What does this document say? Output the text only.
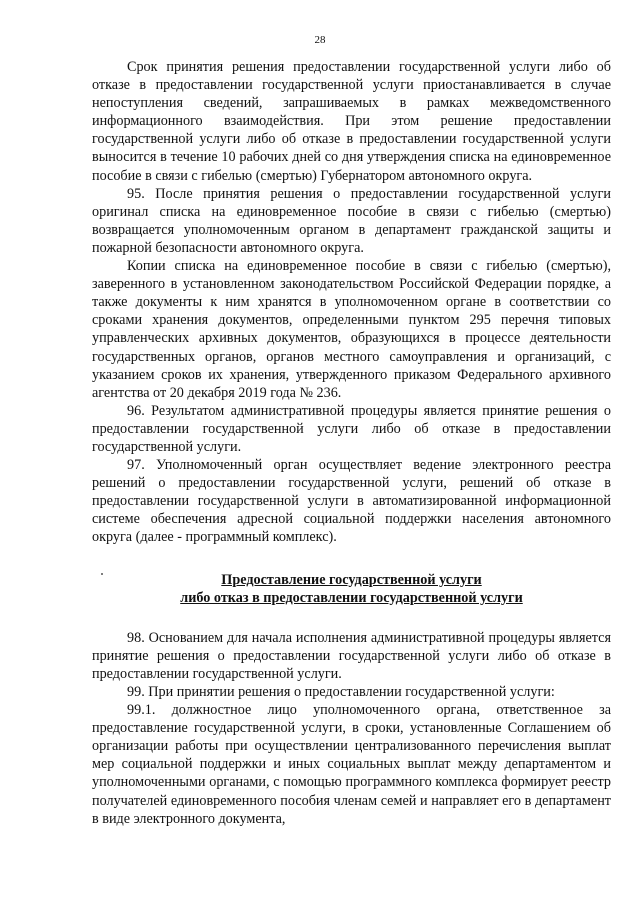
28

Срок принятия решения предоставлении государственной услуги либо об отказе в предоставлении государственной услуги приостанавливается в случае непоступления сведений, запрашиваемых в рамках межведомственного информационного взаимодействия. При этом решение предоставлении государственной услуги либо об отказе в предоставлении государственной услуги выносится в течение 10 рабочих дней со дня утверждения списка на единовременное пособие в связи с гибелью (смертью) Губернатором автономного округа.

95. После принятия решения о предоставлении государственной услуги оригинал списка на единовременное пособие в связи с гибелью (смертью) возвращается уполномоченным органом в департамент гражданской защиты и пожарной безопасности автономного округа.

Копии списка на единовременное пособие в связи с гибелью (смертью), заверенного в установленном законодательством Российской Федерации порядке, а также документы к ним хранятся в уполномоченном органе в соответствии со сроками хранения документов, определенными пунктом 295 перечня типовых управленческих архивных документов, образующихся в процессе деятельности государственных органов, органов местного самоуправления и организаций, с указанием сроков их хранения, утвержденного приказом Федерального архивного агентства от 20 декабря 2019 года № 236.

96. Результатом административной процедуры является принятие решения о предоставлении государственной услуги либо об отказе в предоставлении государственной услуги.

97. Уполномоченный орган осуществляет ведение электронного реестра решений о предоставлении государственной услуги, решений об отказе в предоставлении государственной услуги в автоматизированной информационной системе обеспечения адресной социальной поддержки населения автономного округа (далее - программный комплекс).

Предоставление государственной услуги
либо отказ в предоставлении государственной услуги

98. Основанием для начала исполнения административной процедуры является принятие решения о предоставлении государственной услуги либо об отказе в предоставлении государственной услуги.

99. При принятии решения о предоставлении государственной услуги:

99.1. должностное лицо уполномоченного органа, ответственное за предоставление государственной услуги, в сроки, установленные Соглашением об организации работы при осуществлении централизованного перечисления выплат мер социальной поддержки и иных социальных выплат между департаментом и уполномоченными органами, с помощью программного комплекса формирует реестр получателей единовременного пособия членам семей и направляет его в департамент в виде электронного документа,
